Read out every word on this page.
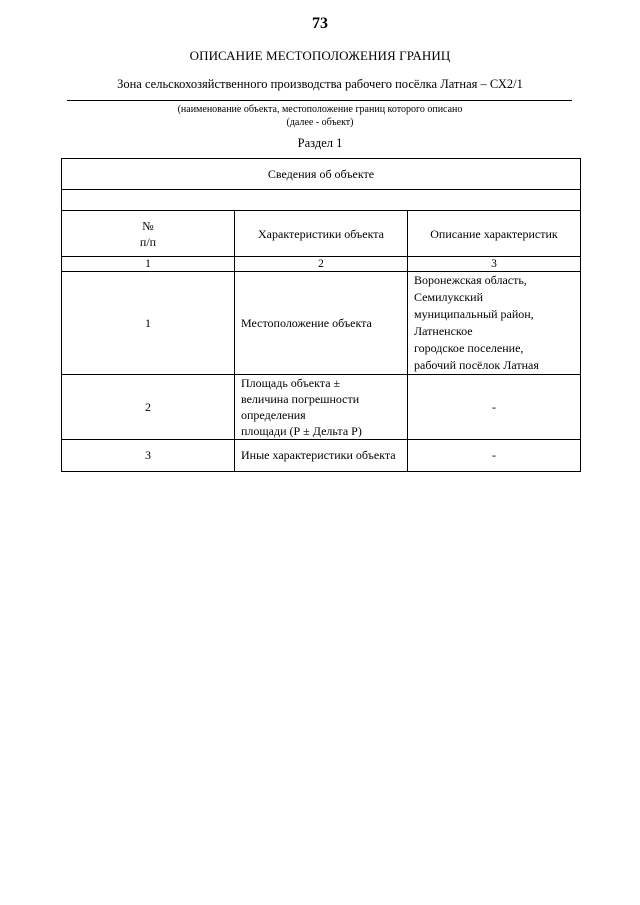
73
ОПИСАНИЕ МЕСТОПОЛОЖЕНИЯ ГРАНИЦ
Зона сельскохозяйственного производства рабочего посёлка Латная – СХ2/1
(наименование объекта, местоположение границ которого описано
(далее - объект)
Раздел 1
Сведения об объекте		

№
п/п	Характеристики объекта	Описание характеристик
1	2	3
1	Местоположение объекта	Воронежская область, Семилукский
муниципальный район, Латненское
городское поселение,
рабочий посёлок Латная

2	Площадь объекта ±
величина погрешности определения
площади (Р ± Дельта Р)	-
3	Иные характеристики объекта	-
